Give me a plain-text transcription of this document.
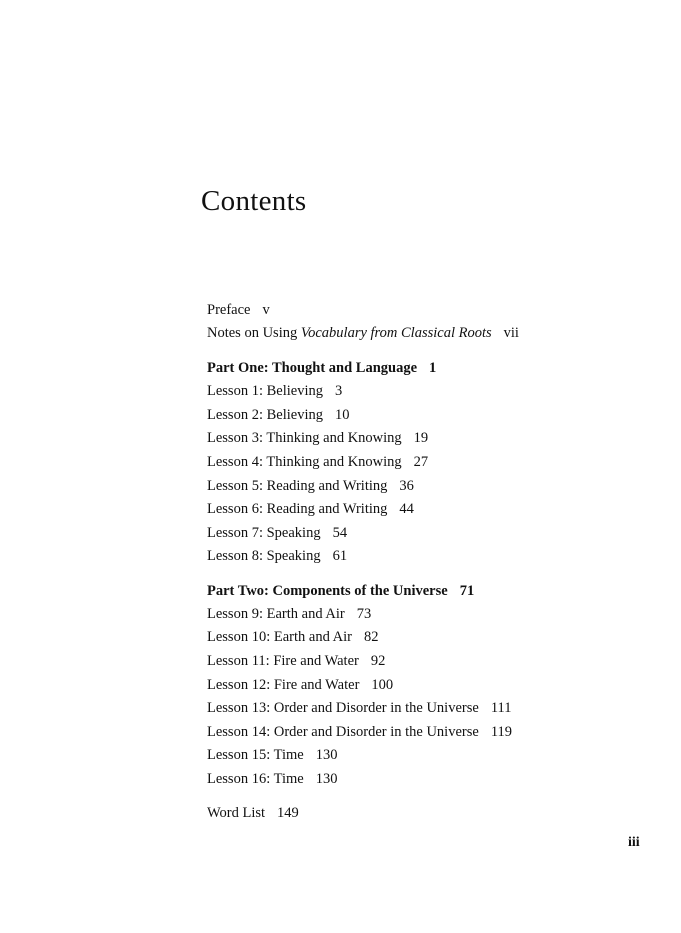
Contents
Preface v
Notes on Using Vocabulary from Classical Roots vii
Part One: Thought and Language 1
Lesson 1: Believing 3
Lesson 2: Believing 10
Lesson 3: Thinking and Knowing 19
Lesson 4: Thinking and Knowing 27
Lesson 5: Reading and Writing 36
Lesson 6: Reading and Writing 44
Lesson 7: Speaking 54
Lesson 8: Speaking 61
Part Two: Components of the Universe 71
Lesson 9: Earth and Air 73
Lesson 10: Earth and Air 82
Lesson 11: Fire and Water 92
Lesson 12: Fire and Water 100
Lesson 13: Order and Disorder in the Universe 111
Lesson 14: Order and Disorder in the Universe 119
Lesson 15: Time 130
Lesson 16: Time 130
Word List 149
iii
